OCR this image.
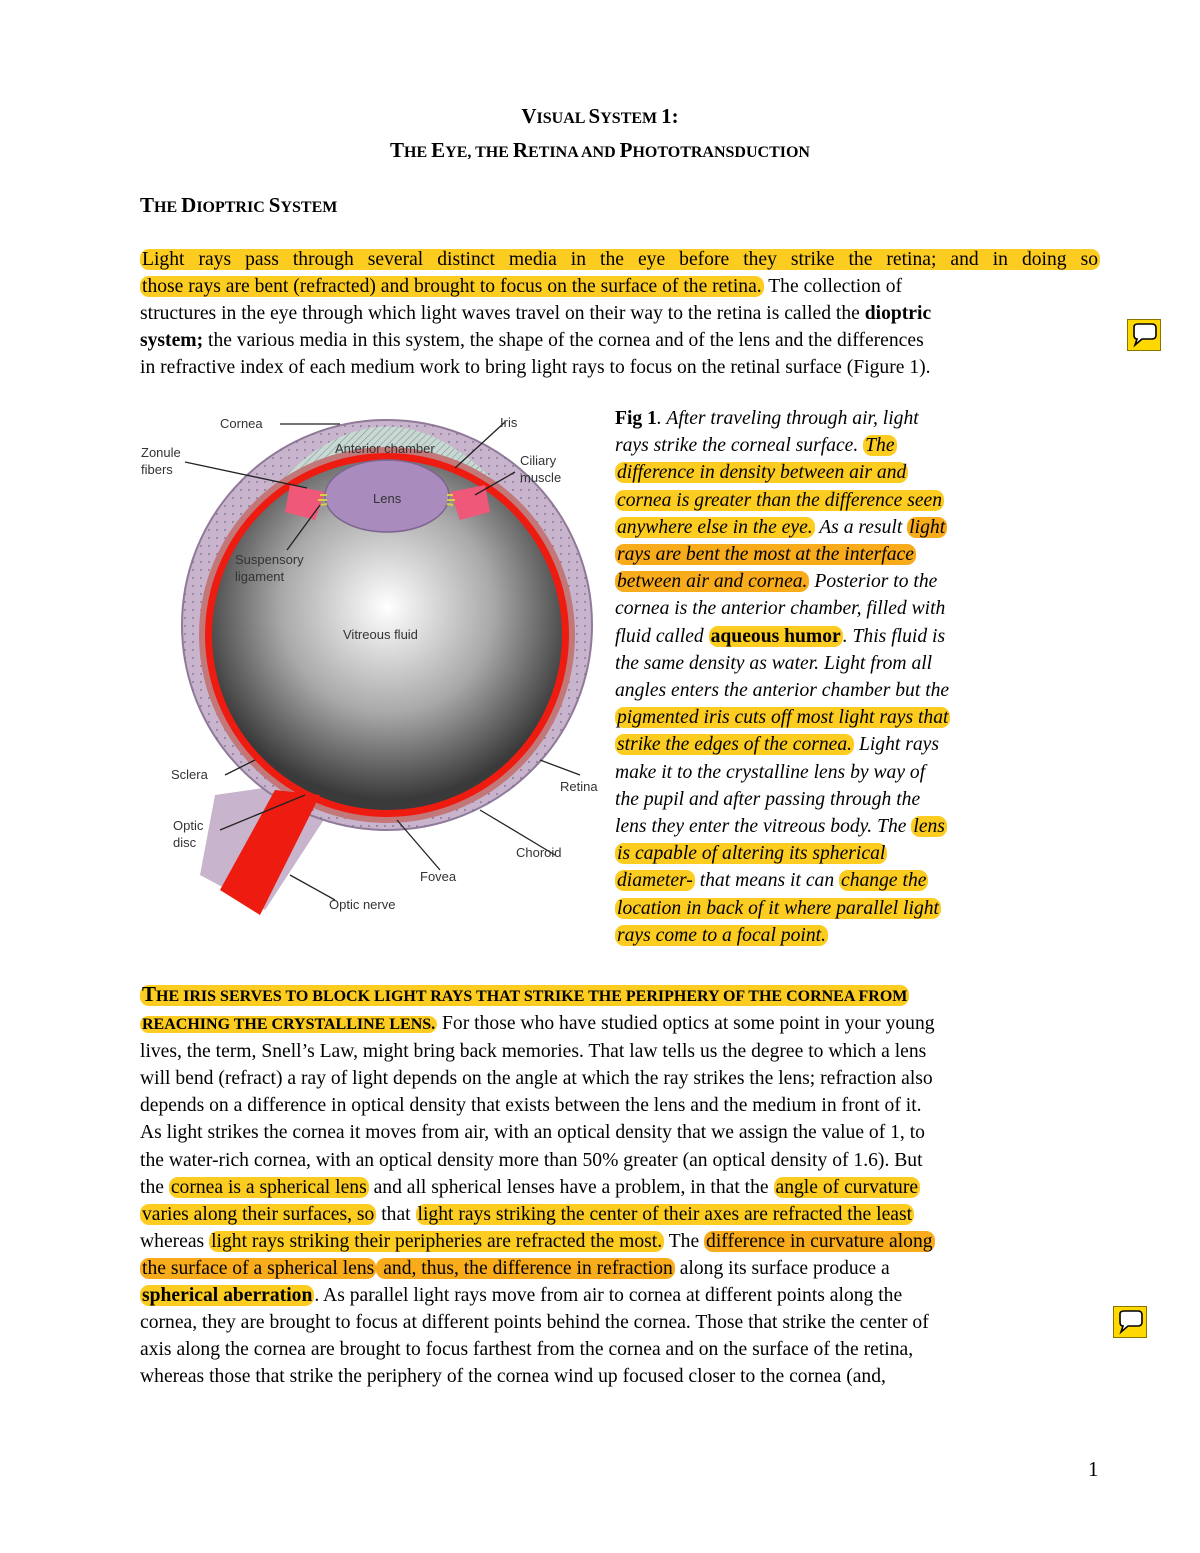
VISUAL SYSTEM 1:
THE EYE, THE RETINA AND PHOTOTRANSDUCTION
THE DIOPTRIC SYSTEM
Light rays pass through several distinct media in the eye before they strike the retina; and in doing so
those rays are bent (refracted) and brought to focus on the surface of the retina. The collection of
structures in the eye through which light waves travel on their way to the retina is called the dioptric
system; the various media in this system, the shape of the cornea and of the lens and the differences
in refractive index of each medium work to bring light rays to focus on the retinal surface (Figure 1).
Cornea	Iris
Anterior chamber
Zonule
fibers
Ciliary
muscle
Lens
Suspensory
ligament
Vitreous fluid
Sclera
Retina
Optic
disc
Choroid
Fovea
Optic nerve
Fig 1. After traveling through air, light
rays strike the corneal surface. The
difference in density between air and
cornea is greater than the difference seen
anywhere else in the eye. As a result light
rays are bent the most at the interface
between air and cornea. Posterior to the
cornea is the anterior chamber, filled with
fluid called aqueous humor . This fluid is
the same density as water. Light from all
angles enters the anterior chamber but the
pigmented iris cuts off most light rays that
strike the edges of the cornea. Light rays
make it to the crystalline lens by way of
the pupil and after passing through the
lens they enter the vitreous body. The lens
is capable of altering its spherical
diameter- that means it can change the
location in back of it where parallel light
rays come to a focal point.
THE IRIS SERVES TO BLOCK LIGHT RAYS THAT STRIKE THE PERIPHERY OF THE CORNEA FROM
REACHING THE CRYSTALLINE LENS. For those who have studied optics at some point in your young
lives, the term, Snell’s Law, might bring back memories. That law tells us the degree to which a lens
will bend (refract) a ray of light depends on the angle at which the ray strikes the lens; refraction also
depends on a difference in optical density that exists between the lens and the medium in front of it.
As light strikes the cornea it moves from air, with an optical density that we assign the value of 1, to
the water-rich cornea, with an optical density more than 50% greater (an optical density of 1.6). But
the cornea is a spherical lens and all spherical lenses have a problem, in that the angle of curvature
varies along their surfaces, so that light rays striking the center of their axes are refracted the least
whereas light rays striking their peripheries are refracted the most. The difference in curvature along
the surface of a spherical lens and, thus, the difference in refraction along its surface produce a
spherical aberration . As parallel light rays move from air to cornea at different points along the
cornea, they are brought to focus at different points behind the cornea. Those that strike the center of
axis along the cornea are brought to focus farthest from the cornea and on the surface of the retina,
whereas those that strike the periphery of the cornea wind up focused closer to the cornea (and,

1
